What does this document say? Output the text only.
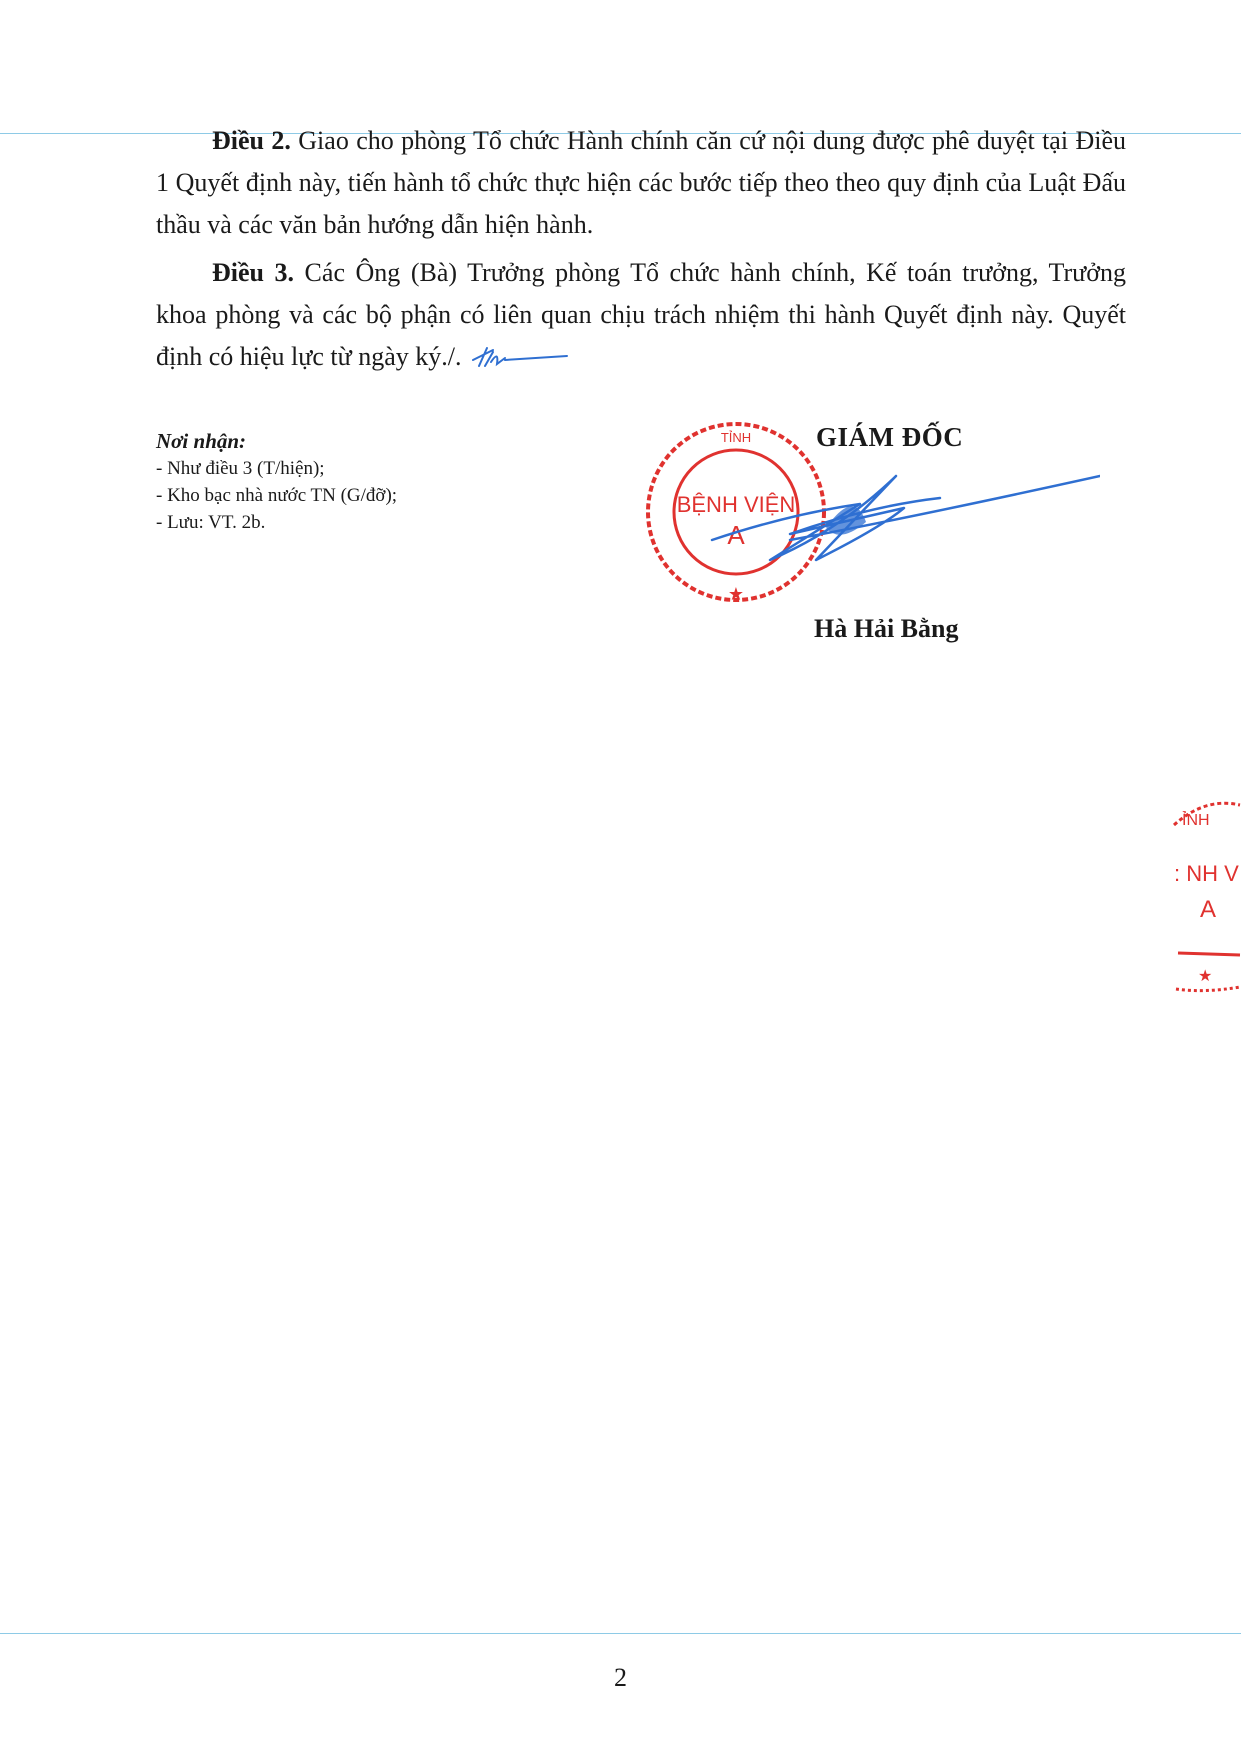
Điều 2. Giao cho phòng Tổ chức Hành chính căn cứ nội dung được phê duyệt tại Điều 1 Quyết định này, tiến hành tổ chức thực hiện các bước tiếp theo theo quy định của Luật Đấu thầu và các văn bản hướng dẫn hiện hành.

Điều 3. Các Ông (Bà) Trưởng phòng Tổ chức hành chính, Kế toán trưởng, Trưởng khoa phòng và các bộ phận có liên quan chịu trách nhiệm thi hành Quyết định này. Quyết định có hiệu lực từ ngày ký./.

Nơi nhận:
- Như điều 3 (T/hiện);
- Kho bạc nhà nước TN (G/đỡ);
- Lưu: VT. 2b.
TỈNH
BỆNH VIỆN
A
★
GIÁM ĐỐC
Hà Hải Bằng
ỈNH
: NH V
A
★
2
